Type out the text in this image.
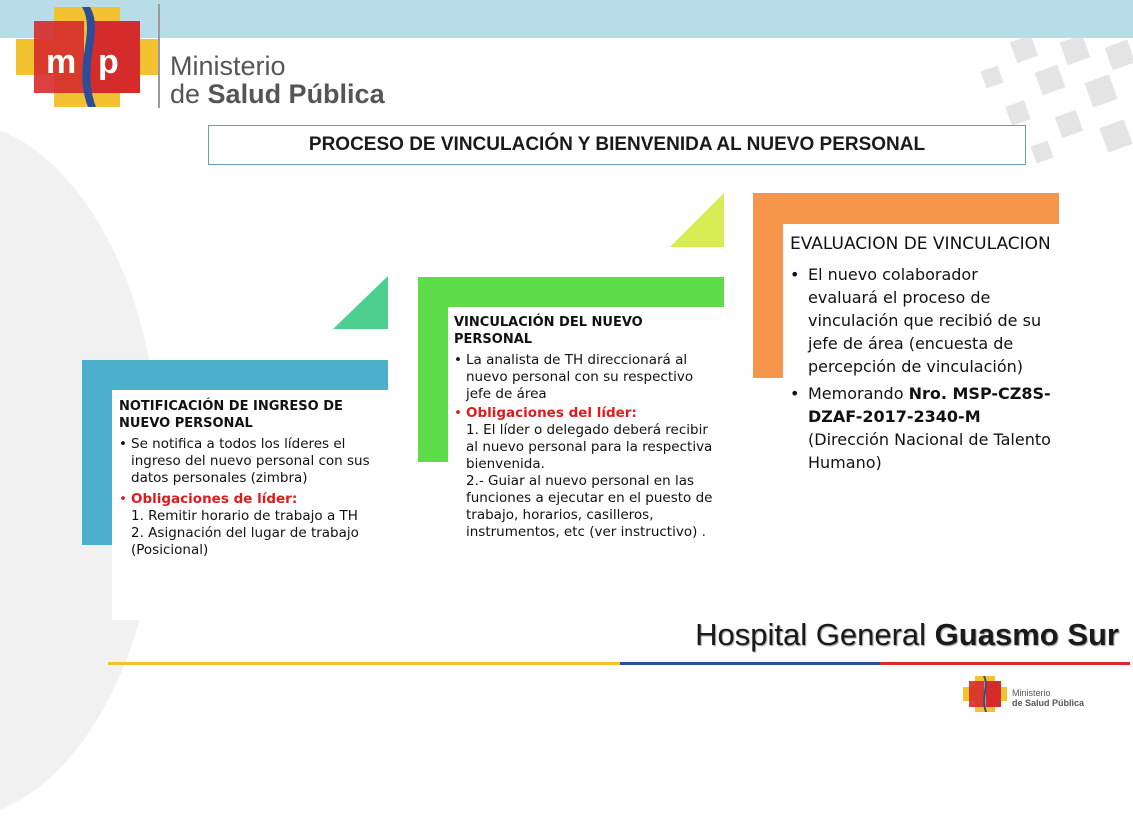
m p Ministerio
de Salud Pública
PROCESO DE VINCULACIÓN Y BIENVENIDA AL NUEVO PERSONAL
NOTIFICACIÓN DE INGRESO DE NUEVO PERSONAL
• Se notifica a todos los líderes el ingreso del nuevo personal con sus datos personales (zimbra)
• Obligaciones de líder:
1. Remitir horario de trabajo a TH
2. Asignación del lugar de trabajo (Posicional)
VINCULACIÓN DEL NUEVO PERSONAL
• La analista de TH direccionará al nuevo personal con su respectivo jefe de área
• Obligaciones del líder:
1. El líder o delegado deberá recibir al nuevo personal para la respectiva bienvenida.
2.- Guiar al nuevo personal en las funciones a ejecutar en el puesto de trabajo, horarios, casilleros, instrumentos, etc (ver instructivo) .
EVALUACION DE VINCULACION
• El nuevo colaborador evaluará el proceso de vinculación que recibió de su jefe de área (encuesta de percepción de vinculación)
• Memorando Nro. MSP-CZ8S-DZAF-2017-2340-M (Dirección Nacional de Talento Humano)
Hospital General Guasmo Sur
Ministerio
de Salud Pública
